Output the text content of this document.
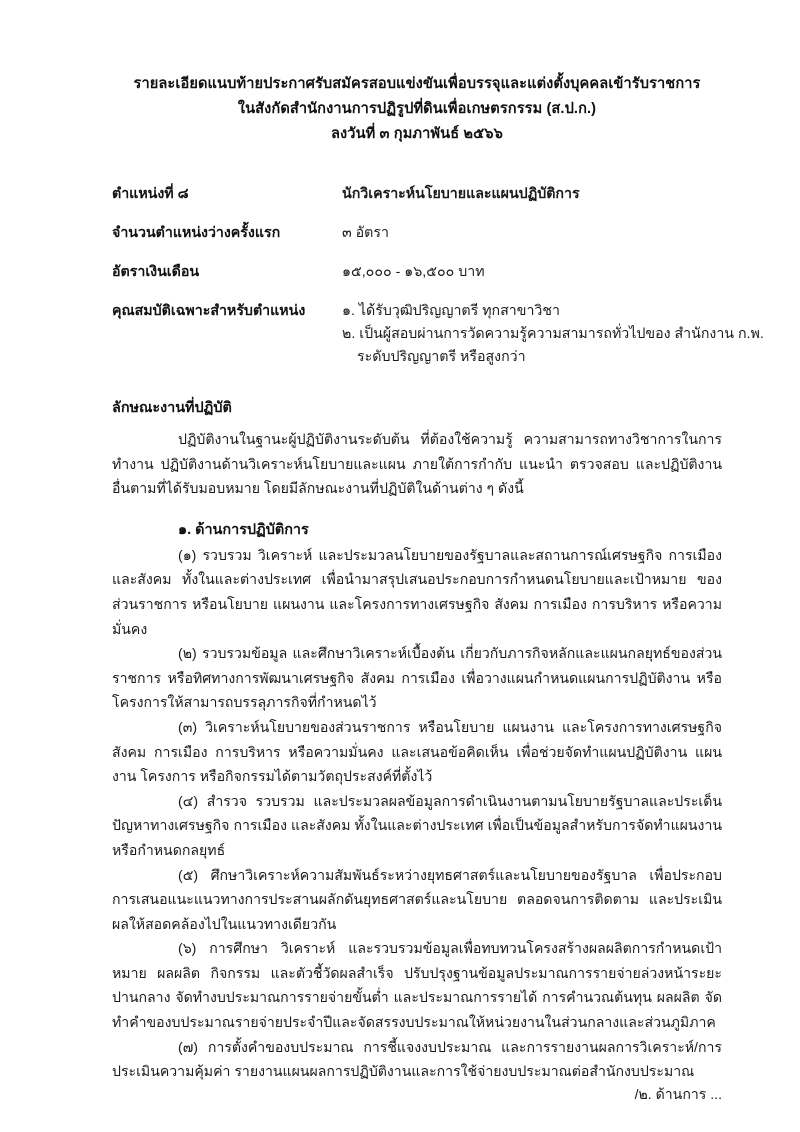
รายละเอียดแนบท้ายประกาศรับสมัครสอบแข่งขันเพื่อบรรจุและแต่งตั้งบุคคลเข้ารับราชการ
ในสังกัดสำนักงานการปฏิรูปที่ดินเพื่อเกษตรกรรม (ส.ป.ก.)
ลงวันที่ ๓ กุมภาพันธ์ ๒๕๖๖
ตำแหน่งที่ ๘	นักวิเคราะห์นโยบายและแผนปฏิบัติการ
จำนวนตำแหน่งว่างครั้งแรก	๓ อัตรา
อัตราเงินเดือน	๑๕,๐๐๐ - ๑๖,๕๐๐ บาท
คุณสมบัติเฉพาะสำหรับตำแหน่ง	๑. ได้รับวุฒิปริญญาตรี ทุกสาขาวิชา
๒. เป็นผู้สอบผ่านการวัดความรู้ความสามารถทั่วไปของ สำนักงาน ก.พ.
ระดับปริญญาตรี หรือสูงกว่า
ลักษณะงานที่ปฏิบัติ

ปฏิบัติงานในฐานะผู้ปฏิบัติงานระดับต้น ที่ต้องใช้ความรู้ ความสามารถทางวิชาการในการทำงาน ปฏิบัติงานด้านวิเคราะห์นโยบายและแผน ภายใต้การกำกับ แนะนำ ตรวจสอบ และปฏิบัติงานอื่นตามที่ได้รับมอบหมาย โดยมีลักษณะงานที่ปฏิบัติในด้านต่าง ๆ ดังนี้

๑. ด้านการปฏิบัติการ

(๑) รวบรวม วิเคราะห์ และประมวลนโยบายของรัฐบาลและสถานการณ์เศรษฐกิจ การเมือง และสังคม ทั้งในและต่างประเทศ เพื่อนำมาสรุปเสนอประกอบการกำหนดนโยบายและเป้าหมาย ของส่วนราชการ หรือนโยบาย แผนงาน และโครงการทางเศรษฐกิจ สังคม การเมือง การบริหาร หรือความมั่นคง

(๒) รวบรวมข้อมูล และศึกษาวิเคราะห์เบื้องต้น เกี่ยวกับภารกิจหลักและแผนกลยุทธ์ของส่วนราชการ หรือทิศทางการพัฒนาเศรษฐกิจ สังคม การเมือง เพื่อวางแผนกำหนดแผนการปฏิบัติงาน หรือโครงการให้สามารถบรรลุภารกิจที่กำหนดไว้

(๓) วิเคราะห์นโยบายของส่วนราชการ หรือนโยบาย แผนงาน และโครงการทางเศรษฐกิจ สังคม การเมือง การบริหาร หรือความมั่นคง และเสนอข้อคิดเห็น เพื่อช่วยจัดทำแผนปฏิบัติงาน แผนงาน โครงการ หรือกิจกรรมได้ตามวัตถุประสงค์ที่ตั้งไว้

(๔) สำรวจ รวบรวม และประมวลผลข้อมูลการดำเนินงานตามนโยบายรัฐบาลและประเด็นปัญหาทางเศรษฐกิจ การเมือง และสังคม ทั้งในและต่างประเทศ เพื่อเป็นข้อมูลสำหรับการจัดทำแผนงานหรือกำหนดกลยุทธ์

(๕) ศึกษาวิเคราะห์ความสัมพันธ์ระหว่างยุทธศาสตร์และนโยบายของรัฐบาล เพื่อประกอบการเสนอแนะแนวทางการประสานผลักดันยุทธศาสตร์และนโยบาย ตลอดจนการติดตาม และประเมินผลให้สอดคล้องไปในแนวทางเดียวกัน

(๖) การศึกษา วิเคราะห์ และรวบรวมข้อมูลเพื่อทบทวนโครงสร้างผลผลิตการกำหนดเป้าหมาย ผลผลิต กิจกรรม และตัวชี้วัดผลสำเร็จ ปรับปรุงฐานข้อมูลประมาณการรายจ่ายล่วงหน้าระยะปานกลาง จัดทำงบประมาณการรายจ่ายขั้นต่ำ และประมาณการรายได้ การคำนวณต้นทุน ผลผลิต จัดทำคำของบประมาณรายจ่ายประจำปีและจัดสรรงบประมาณให้หน่วยงานในส่วนกลางและส่วนภูมิภาค

(๗) การตั้งคำของบประมาณ การชี้แจงงบประมาณ และการรายงานผลการวิเคราะห์/การประเมินความคุ้มค่า รายงานแผนผลการปฏิบัติงานและการใช้จ่ายงบประมาณต่อสำนักงบประมาณ

/๒. ด้านการ ...
